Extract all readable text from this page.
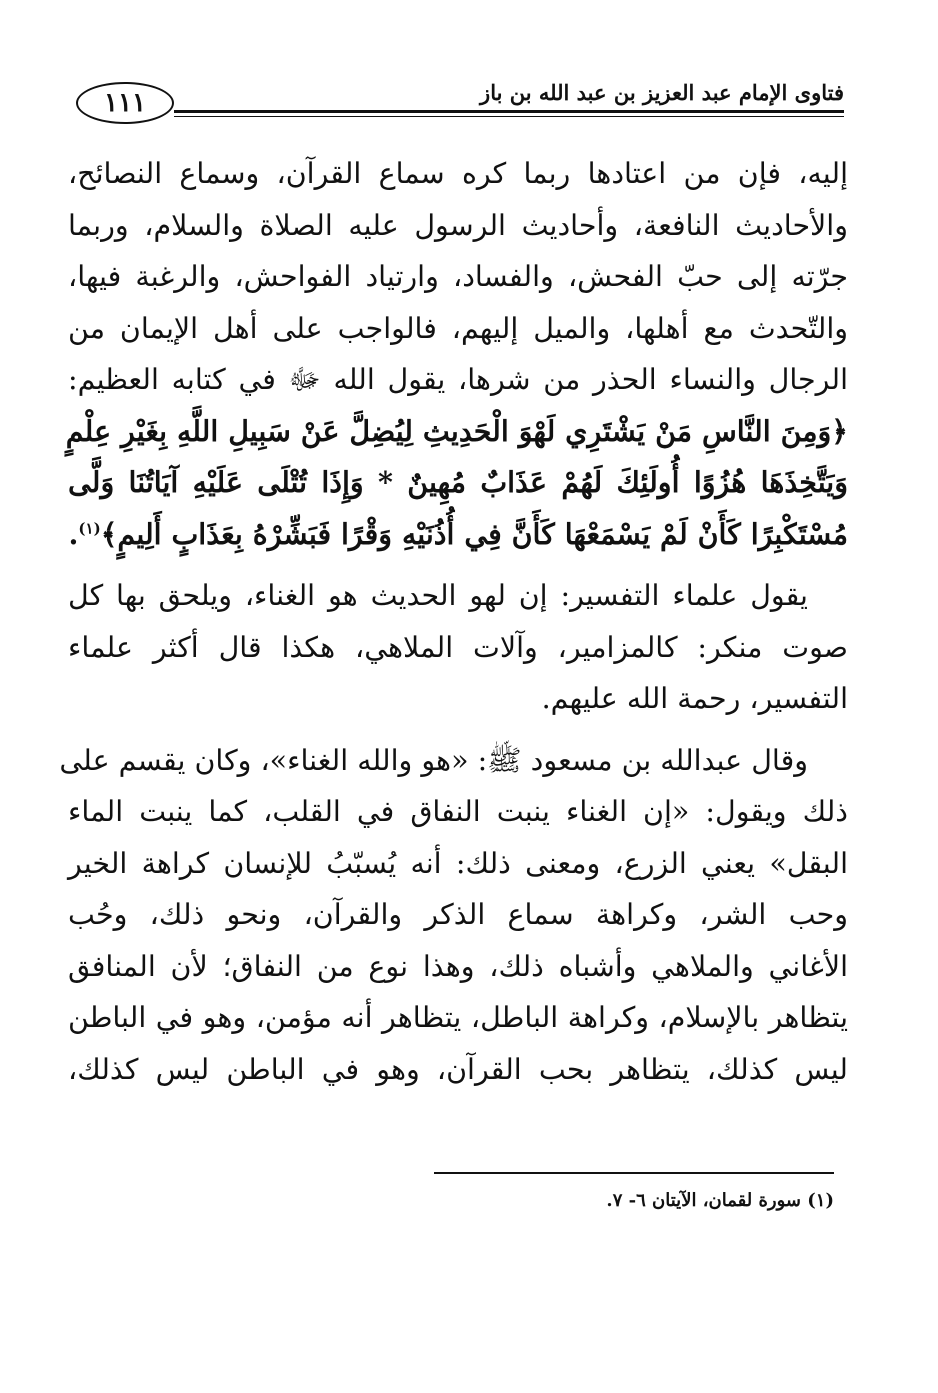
١١١	فتاوى الإمام عبد العزيز بن عبد الله بن باز
إليه، فإن من اعتادها ربما كره سماع القرآن، وسماع النصائح،
والأحاديث النافعة، وأحاديث الرسول عليه الصلاة والسلام، وربما
جرّته إلى حبّ الفحش، والفساد، وارتياد الفواحش، والرغبة فيها،
والتّحدث مع أهلها، والميل إليهم، فالواجب على أهل الإيمان من
الرجال والنساء الحذر من شرها، يقول الله ﷻ في كتابه العظيم:
﴿وَمِنَ النَّاسِ مَنْ يَشْتَرِي لَهْوَ الْحَدِيثِ لِيُضِلَّ عَنْ سَبِيلِ اللَّهِ بِغَيْرِ عِلْمٍ
وَيَتَّخِذَهَا هُزُوًا أُولَئِكَ لَهُمْ عَذَابٌ مُهِينٌ * وَإِذَا تُتْلَى عَلَيْهِ آيَاتُنَا وَلَّى
مُسْتَكْبِرًا كَأَنْ لَمْ يَسْمَعْهَا كَأَنَّ فِي أُذُنَيْهِ وَقْرًا فَبَشِّرْهُ بِعَذَابٍ أَلِيمٍ﴾$^{(١)}$.
يقول علماء التفسير: إن لهو الحديث هو الغناء، ويلحق بها كل
صوت منكر: كالمزامير، وآلات الملاهي، هكذا قال أكثر علماء
التفسير، رحمة الله عليهم.
وقال عبدالله بن مسعود ﷺ: «هو والله الغناء»، وكان يقسم على
ذلك ويقول: «إن الغناء ينبت النفاق في القلب، كما ينبت الماء
البقل» يعني الزرع، ومعنى ذلك: أنه يُسبّبُ للإنسان كراهة الخير
وحب الشر، وكراهة سماع الذكر والقرآن، ونحو ذلك، وحُب
الأغاني والملاهي وأشباه ذلك، وهذا نوع من النفاق؛ لأن المنافق
يتظاهر بالإسلام، وكراهة الباطل، يتظاهر أنه مؤمن، وهو في الباطن
ليس كذلك، يتظاهر بحب القرآن، وهو في الباطن ليس كذلك،
(١) سورة لقمان، الآيتان ٦- ٧.
